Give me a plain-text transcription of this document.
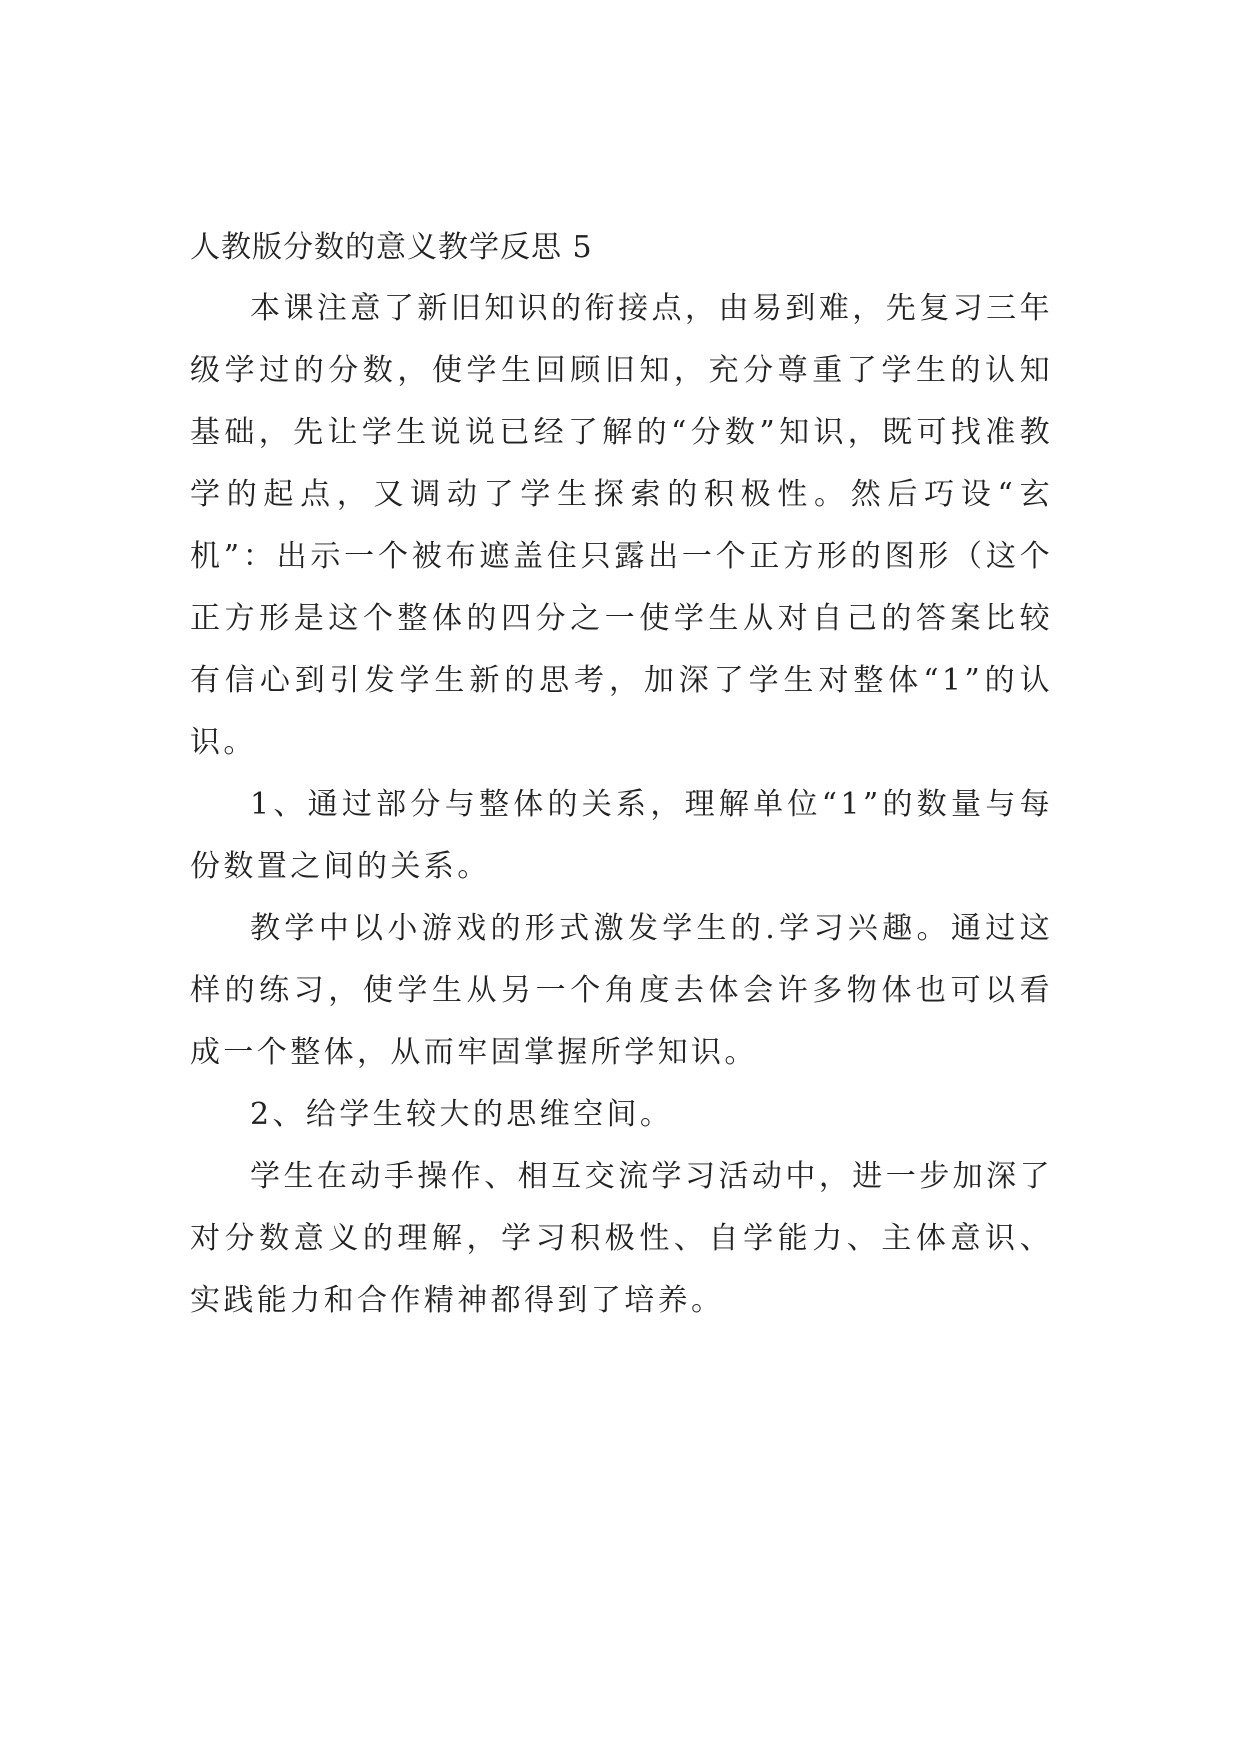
人教版分数的意义教学反思 5

本课注意了新旧知识的衔接点，由易到难，先复习三年级学过的分数，使学生回顾旧知，充分尊重了学生的认知基础，先让学生说说已经了解的“分数”知识，既可找准教学的起点，又调动了学生探索的积极性。然后巧设“玄机”：出示一个被布遮盖住只露出一个正方形的图形（这个正方形是这个整体的四分之一使学生从对自己的答案比较有信心到引发学生新的思考，加深了学生对整体“1”的认识。

1、通过部分与整体的关系，理解单位“1”的数量与每份数置之间的关系。

教学中以小游戏的形式激发学生的.学习兴趣。通过这样的练习，使学生从另一个角度去体会许多物体也可以看成一个整体，从而牢固掌握所学知识。

2、给学生较大的思维空间。

学生在动手操作、相互交流学习活动中，进一步加深了对分数意义的理解，学习积极性、自学能力、主体意识、实践能力和合作精神都得到了培养。
